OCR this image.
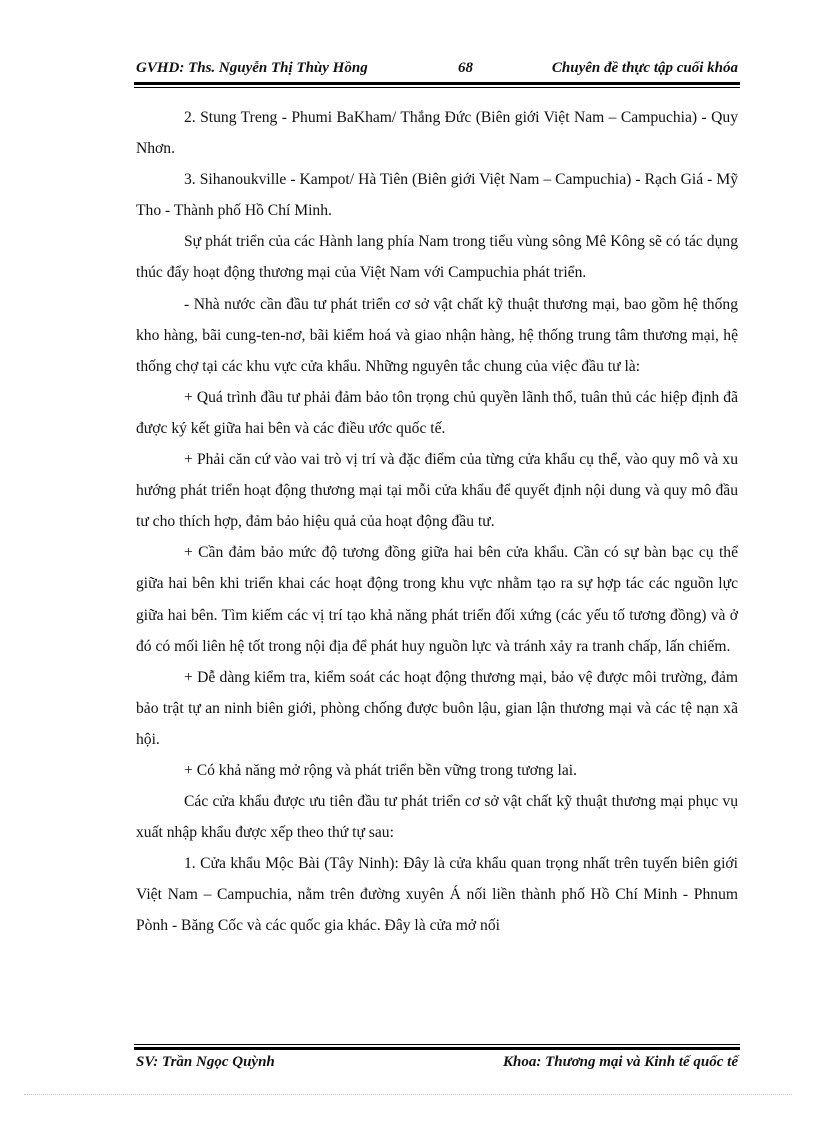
GVHD: Ths. Nguyễn Thị Thùy Hồng	68	Chuyên đề thực tập cuối khóa

2. Stung Treng - Phumi BaKham/ Thắng Đức (Biên giới Việt Nam – Campuchia) - Quy Nhơn.

3. Sihanoukville - Kampot/ Hà Tiên (Biên giới Việt Nam – Campuchia) - Rạch Giá - Mỹ Tho - Thành phố Hồ Chí Minh.

Sự phát triển của các Hành lang phía Nam trong tiểu vùng sông Mê Kông sẽ có tác dụng thúc đẩy hoạt động thương mại của Việt Nam với Campuchia phát triển.

- Nhà nước cần đầu tư phát triển cơ sở vật chất kỹ thuật thương mại, bao gồm hệ thống kho hàng, bãi cung-ten-nơ, bãi kiểm hoá và giao nhận hàng, hệ thống trung tâm thương mại, hệ thống chợ tại các khu vực cửa khẩu. Những nguyên tắc chung của việc đầu tư là:

+ Quá trình đầu tư phải đảm bảo tôn trọng chủ quyền lãnh thổ, tuân thủ các hiệp định đã được ký kết giữa hai bên và các điều ước quốc tế.

+ Phải căn cứ vào vai trò vị trí và đặc điểm của từng cửa khẩu cụ thể, vào quy mô và xu hướng phát triển hoạt động thương mại tại mỗi cửa khẩu để quyết định nội dung và quy mô đầu tư cho thích hợp, đảm bảo hiệu quả của hoạt động đầu tư.

+ Cần đảm bảo mức độ tương đồng giữa hai bên cửa khẩu. Cần có sự bàn bạc cụ thể giữa hai bên khi triển khai các hoạt động trong khu vực nhằm tạo ra sự hợp tác các nguồn lực giữa hai bên. Tìm kiếm các vị trí tạo khả năng phát triển đối xứng (các yếu tố tương đồng) và ở đó có mối liên hệ tốt trong nội địa để phát huy nguồn lực và tránh xảy ra tranh chấp, lấn chiếm.

+ Dễ dàng kiểm tra, kiểm soát các hoạt động thương mại, bảo vệ được môi trường, đảm bảo trật tự an ninh biên giới, phòng chống được buôn lậu, gian lận thương mại và các tệ nạn xã hội.

+ Có khả năng mở rộng và phát triển bền vững trong tương lai.

Các cửa khẩu được ưu tiên đầu tư phát triển cơ sở vật chất kỹ thuật thương mại phục vụ xuất nhập khẩu được xếp theo thứ tự sau:

1. Cửa khẩu Mộc Bài (Tây Ninh): Đây là cửa khẩu quan trọng nhất trên tuyến biên giới Việt Nam – Campuchia, nằm trên đường xuyên Á nối liền thành phố Hồ Chí Minh - Phnum Pònh - Băng Cốc và các quốc gia khác. Đây là cửa mở nối

SV: Trần Ngọc Quỳnh	Khoa: Thương mại và Kinh tế quốc tế
